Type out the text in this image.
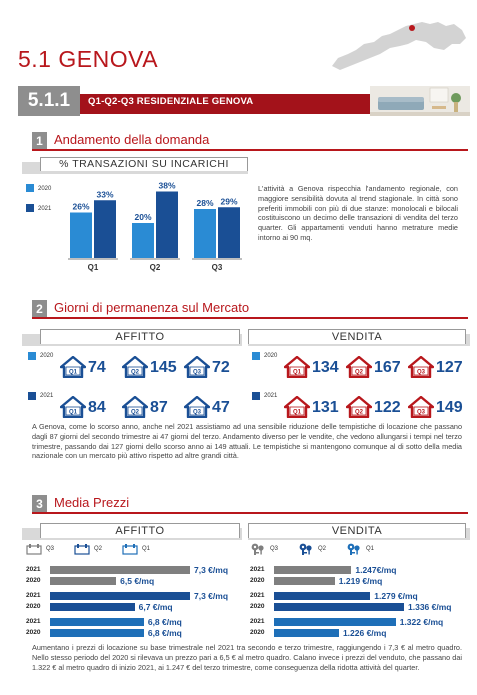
5.1 GENOVA
5.1.1	Q1-Q2-Q3 RESIDENZIALE GENOVA
1 Andamento della domanda
% TRANSAZIONI SU INCARICHI
2020
2021 26%
33%
Q1
20%
38%
Q2
28% 29%
Q3
L'attività a Genova rispecchia l'andamento regionale, con maggiore sensibilità dovuta al trend stagionale. In città sono preferiti immobili con più di due stanze: monolocali e bilocali costituiscono un decimo delle transazioni di vendita del terzo quarter. Gli appartamenti venduti hanno metrature medie intorno ai 90 mq.
2 Giorni di permanenza sul Mercato
AFFITTO	VENDITA
2020
Q1 74	Q2 145	Q3 72
2021
Q1 84	Q2 87	Q3 47
2020
Q1 134	Q2 167	Q3 127
2021
Q1 131	Q2 122	Q3 149
A Genova, come lo scorso anno, anche nel 2021 assistiamo ad una sensibile riduzione delle tempistiche di locazione che passano dagli 87 giorni del secondo trimestre ai 47 giorni del terzo. Andamento diverso per le vendite, che vedono allungarsi i tempi nel terzo trimestre, passando dai 127 giorni dello scorso anno ai 149 attuali. Le tempistiche si mantengono comunque al di sotto della media nazionale con un mercato più attivo rispetto ad altre grandi città.
3 Media Prezzi
AFFITTO	VENDITA
Q3	Q2	Q1	Q3	Q2	Q1
2021	7,3 €/mq
2020	6,5 €/mq
2021	7,3 €/mq
2020	6,7 €/mq
2021	6,8 €/mq
2020	6,8 €/mq
2021	1.247€/mq
2020	1.219 €/mq
2021	1.279 €/mq
2020	1.336 €/mq
2021	1.322 €/mq
2020	1.226 €/mq
Aumentano i prezzi di locazione su base trimestrale nel 2021 tra secondo e terzo trimestre, raggiungendo i 7,3 € al metro quadro. Nello stesso periodo del 2020 si rilevava un prezzo pari a 6,5 € al metro quadro. Calano invece i prezzi del venduto, che passano dai 1.322 € al metro quadro di inizio 2021, ai 1.247 € del terzo trimestre, come conseguenza della ridotta attività del quarter.
